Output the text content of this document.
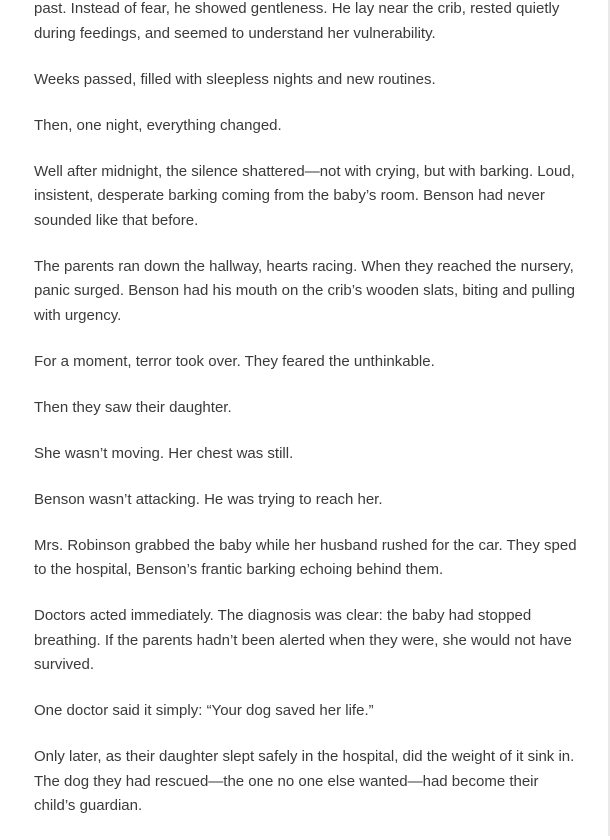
past. Instead of fear, he showed gentleness. He lay near the crib, rested quietly during feedings, and seemed to understand her vulnerability.

Weeks passed, filled with sleepless nights and new routines.

Then, one night, everything changed.

Well after midnight, the silence shattered—not with crying, but with barking. Loud, insistent, desperate barking coming from the baby’s room. Benson had never sounded like that before.

The parents ran down the hallway, hearts racing. When they reached the nursery, panic surged. Benson had his mouth on the crib’s wooden slats, biting and pulling with urgency.

For a moment, terror took over. They feared the unthinkable.

Then they saw their daughter.

She wasn’t moving. Her chest was still.

Benson wasn’t attacking. He was trying to reach her.

Mrs. Robinson grabbed the baby while her husband rushed for the car. They sped to the hospital, Benson’s frantic barking echoing behind them.

Doctors acted immediately. The diagnosis was clear: the baby had stopped breathing. If the parents hadn’t been alerted when they were, she would not have survived.

One doctor said it simply: “Your dog saved her life.”

Only later, as their daughter slept safely in the hospital, did the weight of it sink in. The dog they had rescued—the one no one else wanted—had become their child’s guardian.
